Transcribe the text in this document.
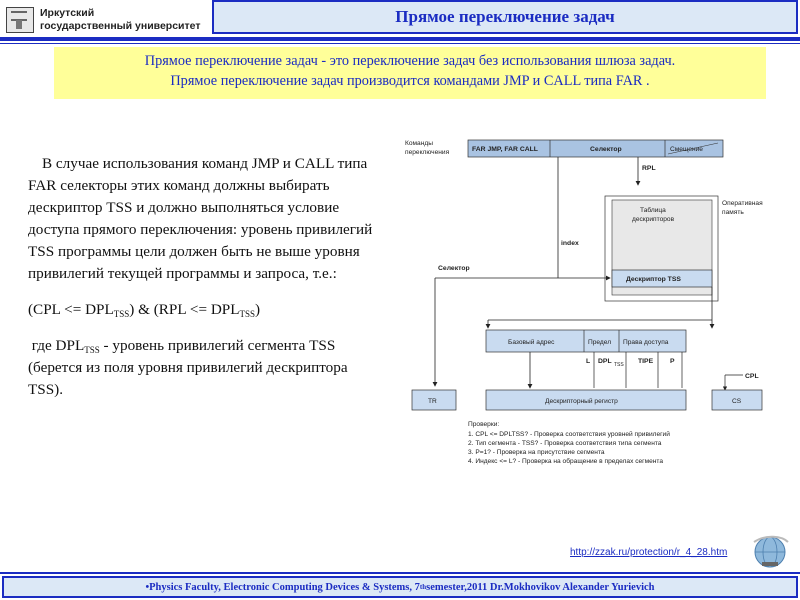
Иркутский
государственный университет	Прямое переключение задач
Прямое переключение задач - это переключение задач без использования шлюза задач.
Прямое переключение задач производится командами JMP и CALL типа FAR .

В случае использования команд JMP и CALL типа FAR селекторы этих команд должны выбирать дескриптор TSS и должно выполняться условие доступа прямого переключения: уровень привилегий TSS программы цели должен быть не выше уровня привилегий текущей программы и запроса, т.е.:

$(CPL <= DPL_{TSS})$ & $(RPL <= DPL_{TSS})$

где $DPL_{TSS}$ - уровень привилегий сегмента TSS (берется из поля уровня привилегий дескриптора TSS).

Команды
переключения	FAR JMP, FAR CALL	Селектор	Смещение
RPL
Оперативная
память
Таблица
дескрипторов
Дескриптор TSS
index
Селектор
Базовый адрес	Предел Права доступа
L DPL TSS TIPE P
CPL
TR	Дескрипторный регистр	CS
Проверки:
1. CPL <= DPLTSS? - Проверка соответствия уровней привилегий
2. Тип сегмента - TSS? - Проверка соответствия типа сегмента
3. P=1? - Проверка на присутствие сегмента
4. Индекс <= L? - Проверка на обращение в пределах сегмента
http://zzak.ru/protection/r_4_28.htm
•Physics Faculty, Electronic Computing Devices & Systems, 7 th semester,2011 Dr.Mokhovikov Alexander Yurievich
